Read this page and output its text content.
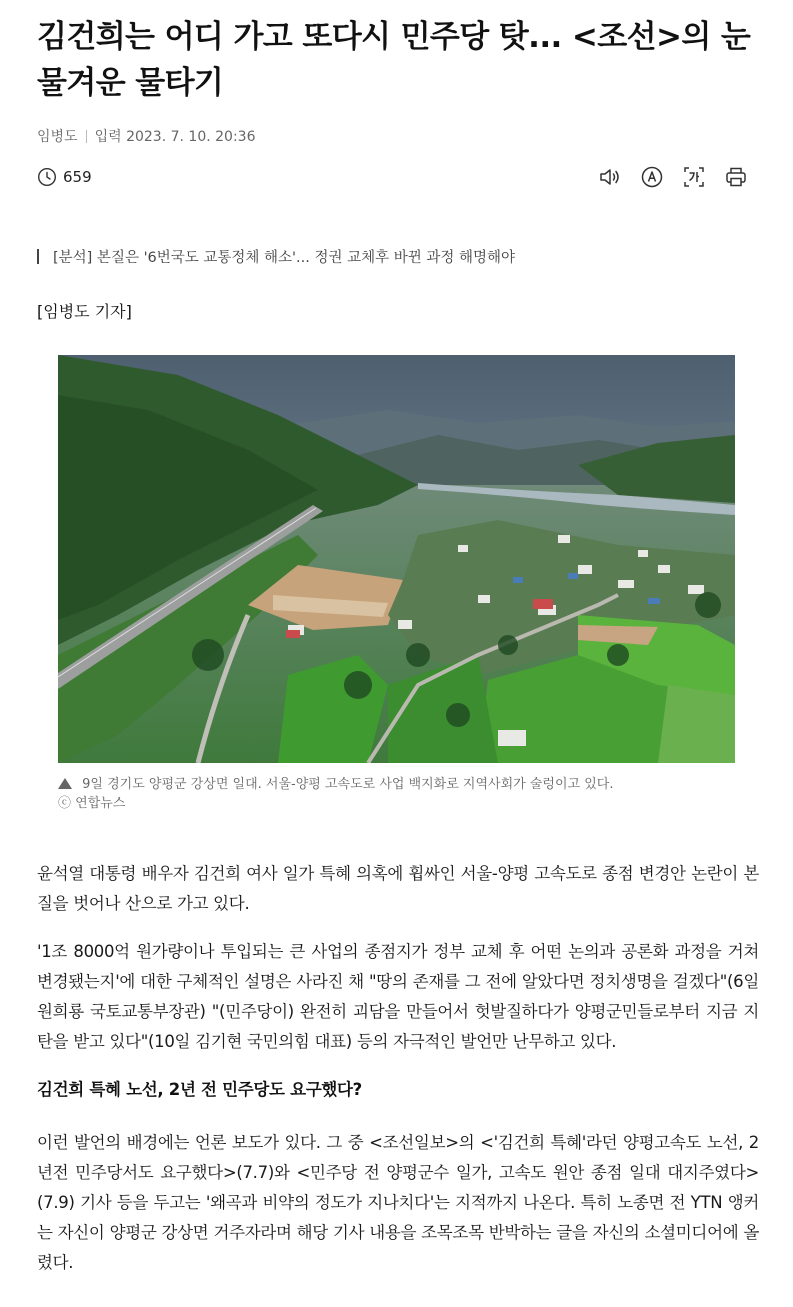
김건희는 어디 가고 또다시 민주당 탓... <조선>의 눈물겨운 물타기
임병도 입력 2023. 7. 10. 20:36
659
[분석] 본질은 '6번국도 교통정체 해소'... 정권 교체후 바뀐 과정 해명해야
[임병도 기자]
9일 경기도 양평군 강상면 일대. 서울-양평 고속도로 사업 백지화로 지역사회가 술렁이고 있다.
ⓒ 연합뉴스

윤석열 대통령 배우자 김건희 여사 일가 특혜 의혹에 휩싸인 서울-양평 고속도로 종점 변경안 논란이 본질을 벗어나 산으로 가고 있다.

'1조 8000억 원가량이나 투입되는 큰 사업의 종점지가 정부 교체 후 어떤 논의과 공론화 과정을 거쳐 변경됐는지'에 대한 구체적인 설명은 사라진 채 "땅의 존재를 그 전에 알았다면 정치생명을 걸겠다"(6일 원희룡 국토교통부장관) "(민주당이) 완전히 괴담을 만들어서 헛발질하다가 양평군민들로부터 지금 지탄을 받고 있다"(10일 김기현 국민의힘 대표) 등의 자극적인 발언만 난무하고 있다.

김건희 특혜 노선, 2년 전 민주당도 요구했다?

이런 발언의 배경에는 언론 보도가 있다. 그 중 <조선일보>의 <'김건희 특혜'라던 양평고속도 노선, 2년전 민주당서도 요구했다>(7.7)와 <민주당 전 양평군수 일가, 고속도 원안 종점 일대 대지주였다>(7.9) 기사 등을 두고는 '왜곡과 비약의 정도가 지나치다'는 지적까지 나온다. 특히 노종면 전 YTN 앵커는 자신이 양평군 강상면 거주자라며 해당 기사 내용을 조목조목 반박하는 글을 자신의 소셜미디어에 올렸다.
